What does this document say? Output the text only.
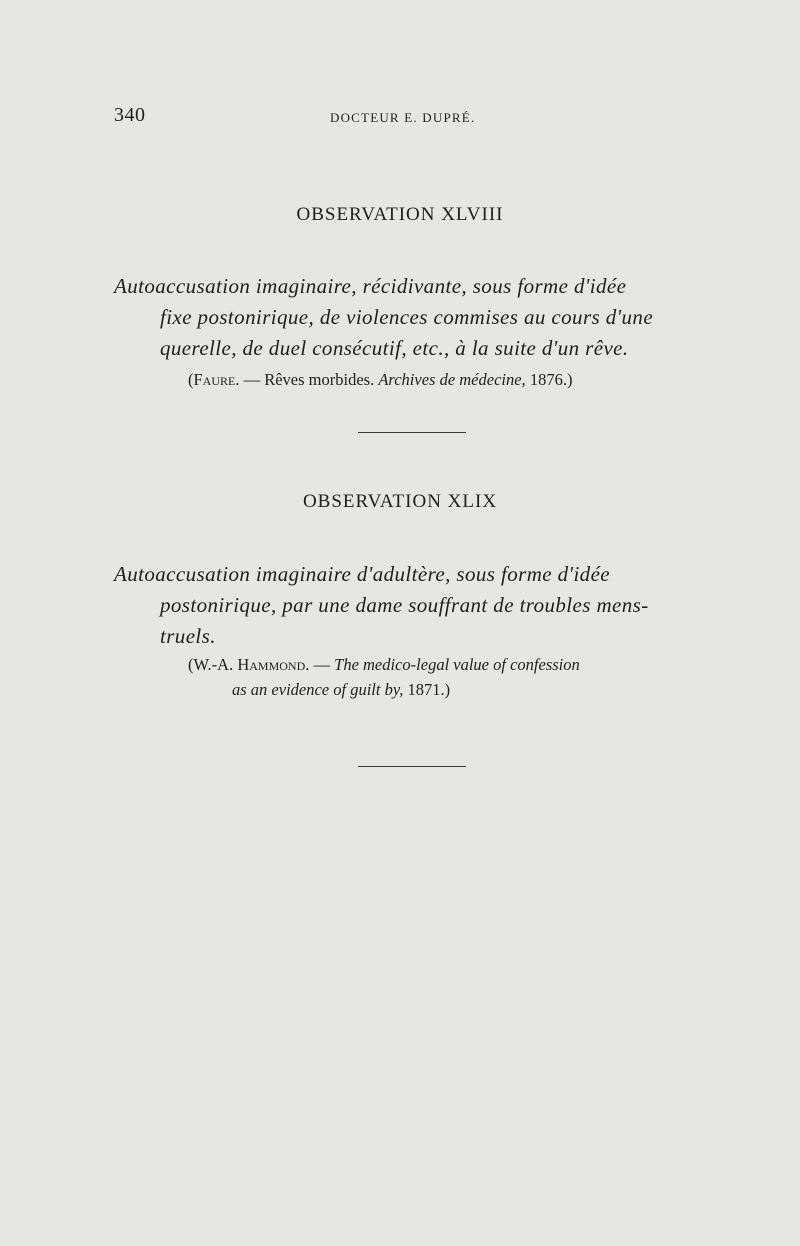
340	DOCTEUR E. DUPRÉ.
OBSERVATION XLVIII
Autoaccusation imaginaire, récidivante, sous forme d'idée
fixe postonirique, de violences commises au cours d'une
querelle, de duel consécutif, etc., à la suite d'un rêve.
(Faure. — Rêves morbides. Archives de médecine, 1876.)
OBSERVATION XLIX
Autoaccusation imaginaire d'adultère, sous forme d'idée
postonirique, par une dame souffrant de troubles mens-
truels.
(W.-A. Hammond. — The medico-legal value of confession
as an evidence of guilt by, 1871.)
